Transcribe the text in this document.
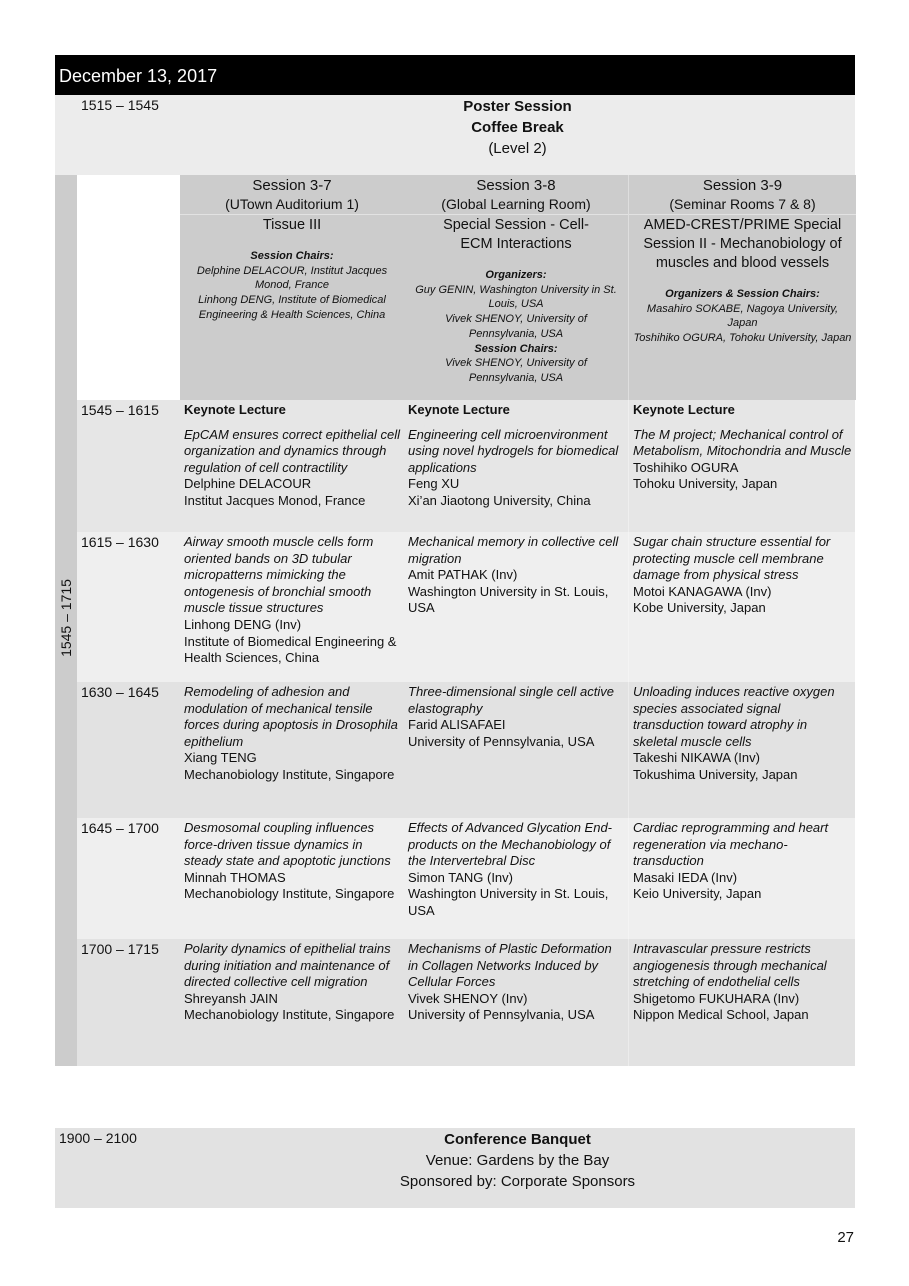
December 13, 2017
1515 – 1545	Poster Session
Coffee Break
(Level 2)
1545 – 1715
Session 3-7
(UTown Auditorium 1)
Tissue III
Session Chairs:
Delphine DELACOUR, Institut Jacques Monod, France
Linhong DENG, Institute of Biomedical Engineering & Health Sciences, China
Session 3-8
(Global Learning Room)
Special Session - Cell-ECM Interactions
Organizers:
Guy GENIN, Washington University in St. Louis, USA
Vivek SHENOY, University of Pennsylvania, USA
Session Chairs:
Vivek SHENOY, University of Pennsylvania, USA
Session 3-9
(Seminar Rooms 7 & 8)
AMED-CREST/PRIME Special Session II - Mechanobiology of muscles and blood vessels
Organizers & Session Chairs:
Masahiro SOKABE, Nagoya University, Japan
Toshihiko OGURA, Tohoku University, Japan
1545 – 1615 Keynote Lecture
EpCAM ensures correct epithelial cell organization and dynamics through regulation of cell contractility
Delphine DELACOUR
Institut Jacques Monod, France
Keynote Lecture
Engineering cell microenvironment using novel hydrogels for biomedical applications
Feng XU
Xi’an Jiaotong University, China
Keynote Lecture
The M project; Mechanical control of Metabolism, Mitochondria and Muscle
Toshihiko OGURA
Tohoku University, Japan
1615 – 1630 Airway smooth muscle cells form oriented bands on 3D tubular micropatterns mimicking the ontogenesis of bronchial smooth muscle tissue structures
Linhong DENG (Inv)
Institute of Biomedical Engineering & Health Sciences, China
Mechanical memory in collective cell migration
Amit PATHAK (Inv)
Washington University in St. Louis, USA
Sugar chain structure essential for protecting muscle cell membrane damage from physical stress
Motoi KANAGAWA (Inv)
Kobe University, Japan
1630 – 1645 Remodeling of adhesion and modulation of mechanical tensile forces during apoptosis in Drosophila epithelium
Xiang TENG
Mechanobiology Institute, Singapore
Three-dimensional single cell active elastography
Farid ALISAFAEI
University of Pennsylvania, USA
Unloading induces reactive oxygen species associated signal transduction toward atrophy in skeletal muscle cells
Takeshi NIKAWA (Inv)
Tokushima University, Japan
1645 – 1700 Desmosomal coupling influences force-driven tissue dynamics in steady state and apoptotic junctions
Minnah THOMAS
Mechanobiology Institute, Singapore
Effects of Advanced Glycation End-products on the Mechanobiology of the Intervertebral Disc
Simon TANG (Inv)
Washington University in St. Louis, USA
Cardiac reprogramming and heart regeneration via mechano-transduction
Masaki IEDA (Inv)
Keio University, Japan
1700 – 1715 Polarity dynamics of epithelial trains during initiation and maintenance of directed collective cell migration
Shreyansh JAIN
Mechanobiology Institute, Singapore
Mechanisms of Plastic Deformation in Collagen Networks Induced by Cellular Forces
Vivek SHENOY (Inv)
University of Pennsylvania, USA
Intravascular pressure restricts angiogenesis through mechanical stretching of endothelial cells
Shigetomo FUKUHARA (Inv)
Nippon Medical School, Japan
1900 – 2100	Conference Banquet
Venue: Gardens by the Bay
Sponsored by: Corporate Sponsors
27
